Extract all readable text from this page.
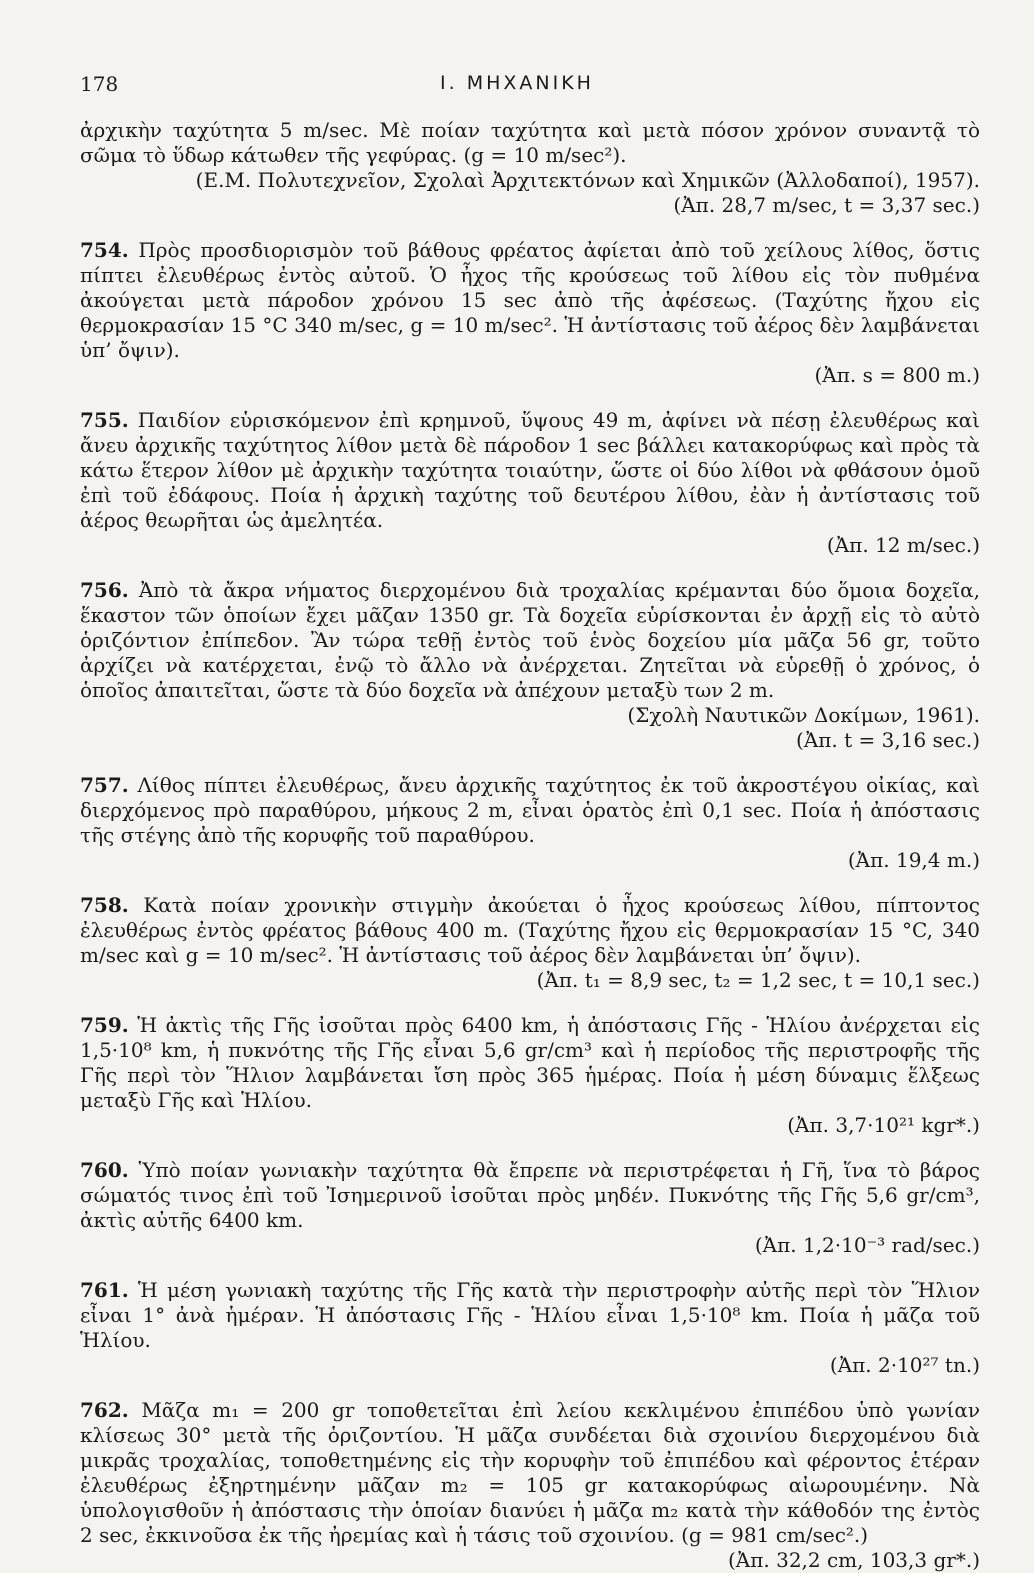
178	I. ΜΗΧΑΝΙΚΗ

ἀρχικὴν ταχύτητα 5 m/sec. Μὲ ποίαν ταχύτητα καὶ μετὰ πόσον χρόνον συναντᾷ τὸ σῶμα τὸ ὕδωρ κάτωθεν τῆς γεφύρας. (g = 10 m/sec²).

(Ε.Μ. Πολυτεχνεῖον, Σχολαὶ Ἀρχιτεκτόνων καὶ Χημικῶν (Ἀλλοδαποί), 1957).

(Ἀπ. 28,7 m/sec, t = 3,37 sec.)

754. Πρὸς προσδιορισμὸν τοῦ βάθους φρέατος ἀφίεται ἀπὸ τοῦ χείλους λίθος, ὅστις πίπτει ἐλευθέρως ἐντὸς αὐτοῦ. Ὁ ἦχος τῆς κρούσεως τοῦ λίθου εἰς τὸν πυθμένα ἀκούγεται μετὰ πάροδον χρόνου 15 sec ἀπὸ τῆς ἀφέσεως. (Ταχύτης ἤχου εἰς θερμοκρασίαν 15 °C 340 m/sec, g = 10 m/sec². Ἡ ἀντίστασις τοῦ ἀέρος δὲν λαμβάνεται ὑπ’ ὄψιν).

(Ἀπ. s = 800 m.)

755. Παιδίον εὑρισκόμενον ἐπὶ κρημνοῦ, ὕψους 49 m, ἀφίνει νὰ πέσῃ ἐλευθέρως καὶ ἄνευ ἀρχικῆς ταχύτητος λίθον μετὰ δὲ πάροδον 1 sec βάλλει κατακορύφως καὶ πρὸς τὰ κάτω ἕτερον λίθον μὲ ἀρχικὴν ταχύτητα τοιαύτην, ὥστε οἱ δύο λίθοι νὰ φθάσουν ὁμοῦ ἐπὶ τοῦ ἐδάφους. Ποία ἡ ἀρχικὴ ταχύτης τοῦ δευτέρου λίθου, ἐὰν ἡ ἀντίστασις τοῦ ἀέρος θεωρῆται ὡς ἀμελητέα.

(Ἀπ. 12 m/sec.)

756. Ἀπὸ τὰ ἄκρα νήματος διερχομένου διὰ τροχαλίας κρέμανται δύο ὅμοια δοχεῖα, ἕκαστον τῶν ὁποίων ἔχει μᾶζαν 1350 gr. Τὰ δοχεῖα εὑρίσκονται ἐν ἀρχῇ εἰς τὸ αὐτὸ ὁριζόντιον ἐπίπεδον. Ἂν τώρα τεθῇ ἐντὸς τοῦ ἑνὸς δοχείου μία μᾶζα 56 gr, τοῦτο ἀρχίζει νὰ κατέρχεται, ἐνῷ τὸ ἄλλο νὰ ἀνέρχεται. Ζητεῖται νὰ εὑρεθῇ ὁ χρόνος, ὁ ὁποῖος ἀπαιτεῖται, ὥστε τὰ δύο δοχεῖα νὰ ἀπέχουν μεταξὺ των 2 m.

(Σχολὴ Ναυτικῶν Δοκίμων, 1961).

(Ἀπ. t = 3,16 sec.)

757. Λίθος πίπτει ἐλευθέρως, ἄνευ ἀρχικῆς ταχύτητος ἐκ τοῦ ἀκροστέγου οἰκίας, καὶ διερχόμενος πρὸ παραθύρου, μήκους 2 m, εἶναι ὁρατὸς ἐπὶ 0,1 sec. Ποία ἡ ἀπόστασις τῆς στέγης ἀπὸ τῆς κορυφῆς τοῦ παραθύρου.

(Ἀπ. 19,4 m.)

758. Κατὰ ποίαν χρονικὴν στιγμὴν ἀκούεται ὁ ἦχος κρούσεως λίθου, πίπτοντος ἐλευθέρως ἐντὸς φρέατος βάθους 400 m. (Ταχύτης ἤχου εἰς θερμοκρασίαν 15 °C, 340 m/sec καὶ g = 10 m/sec². Ἡ ἀντίστασις τοῦ ἀέρος δὲν λαμβάνεται ὑπ’ ὄψιν).

(Ἀπ. t₁ = 8,9 sec, t₂ = 1,2 sec, t = 10,1 sec.)

759. Ἡ ἀκτὶς τῆς Γῆς ἰσοῦται πρὸς 6400 km, ἡ ἀπόστασις Γῆς - Ἡλίου ἀνέρχεται εἰς 1,5·10⁸ km, ἡ πυκνότης τῆς Γῆς εἶναι 5,6 gr/cm³ καὶ ἡ περίοδος τῆς περιστροφῆς τῆς Γῆς περὶ τὸν Ἥλιον λαμβάνεται ἴση πρὸς 365 ἡμέρας. Ποία ἡ μέση δύναμις ἕλξεως μεταξὺ Γῆς καὶ Ἡλίου.

(Ἀπ. 3,7·10²¹ kgr*.)

760. Ὑπὸ ποίαν γωνιακὴν ταχύτητα θὰ ἔπρεπε νὰ περιστρέφεται ἡ Γῆ, ἵνα τὸ βάρος σώματός τινος ἐπὶ τοῦ Ἰσημερινοῦ ἰσοῦται πρὸς μηδέν. Πυκνότης τῆς Γῆς 5,6 gr/cm³, ἀκτὶς αὐτῆς 6400 km.

(Ἀπ. 1,2·10⁻³ rad/sec.)

761. Ἡ μέση γωνιακὴ ταχύτης τῆς Γῆς κατὰ τὴν περιστροφὴν αὐτῆς περὶ τὸν Ἥλιον εἶναι 1° ἀνὰ ἡμέραν. Ἡ ἀπόστασις Γῆς - Ἡλίου εἶναι 1,5·10⁸ km. Ποία ἡ μᾶζα τοῦ Ἡλίου.

(Ἀπ. 2·10²⁷ tn.)

762. Μᾶζα m₁ = 200 gr τοποθετεῖται ἐπὶ λείου κεκλιμένου ἐπιπέδου ὑπὸ γωνίαν κλίσεως 30° μετὰ τῆς ὁριζοντίου. Ἡ μᾶζα συνδέεται διὰ σχοινίου διερχομένου διὰ μικρᾶς τροχαλίας, τοποθετημένης εἰς τὴν κορυφὴν τοῦ ἐπιπέδου καὶ φέροντος ἑτέραν ἐλευθέρως ἐξηρτημένην μᾶζαν m₂ = 105 gr κατακορύφως αἰωρουμένην. Νὰ ὑπολογισθοῦν ἡ ἀπόστασις τὴν ὁποίαν διανύει ἡ μᾶζα m₂ κατὰ τὴν κάθοδόν της ἐντὸς 2 sec, ἐκκινοῦσα ἐκ τῆς ἠρεμίας καὶ ἡ τάσις τοῦ σχοινίου. (g = 981 cm/sec².)

(Ἀπ. 32,2 cm, 103,3 gr*.)
